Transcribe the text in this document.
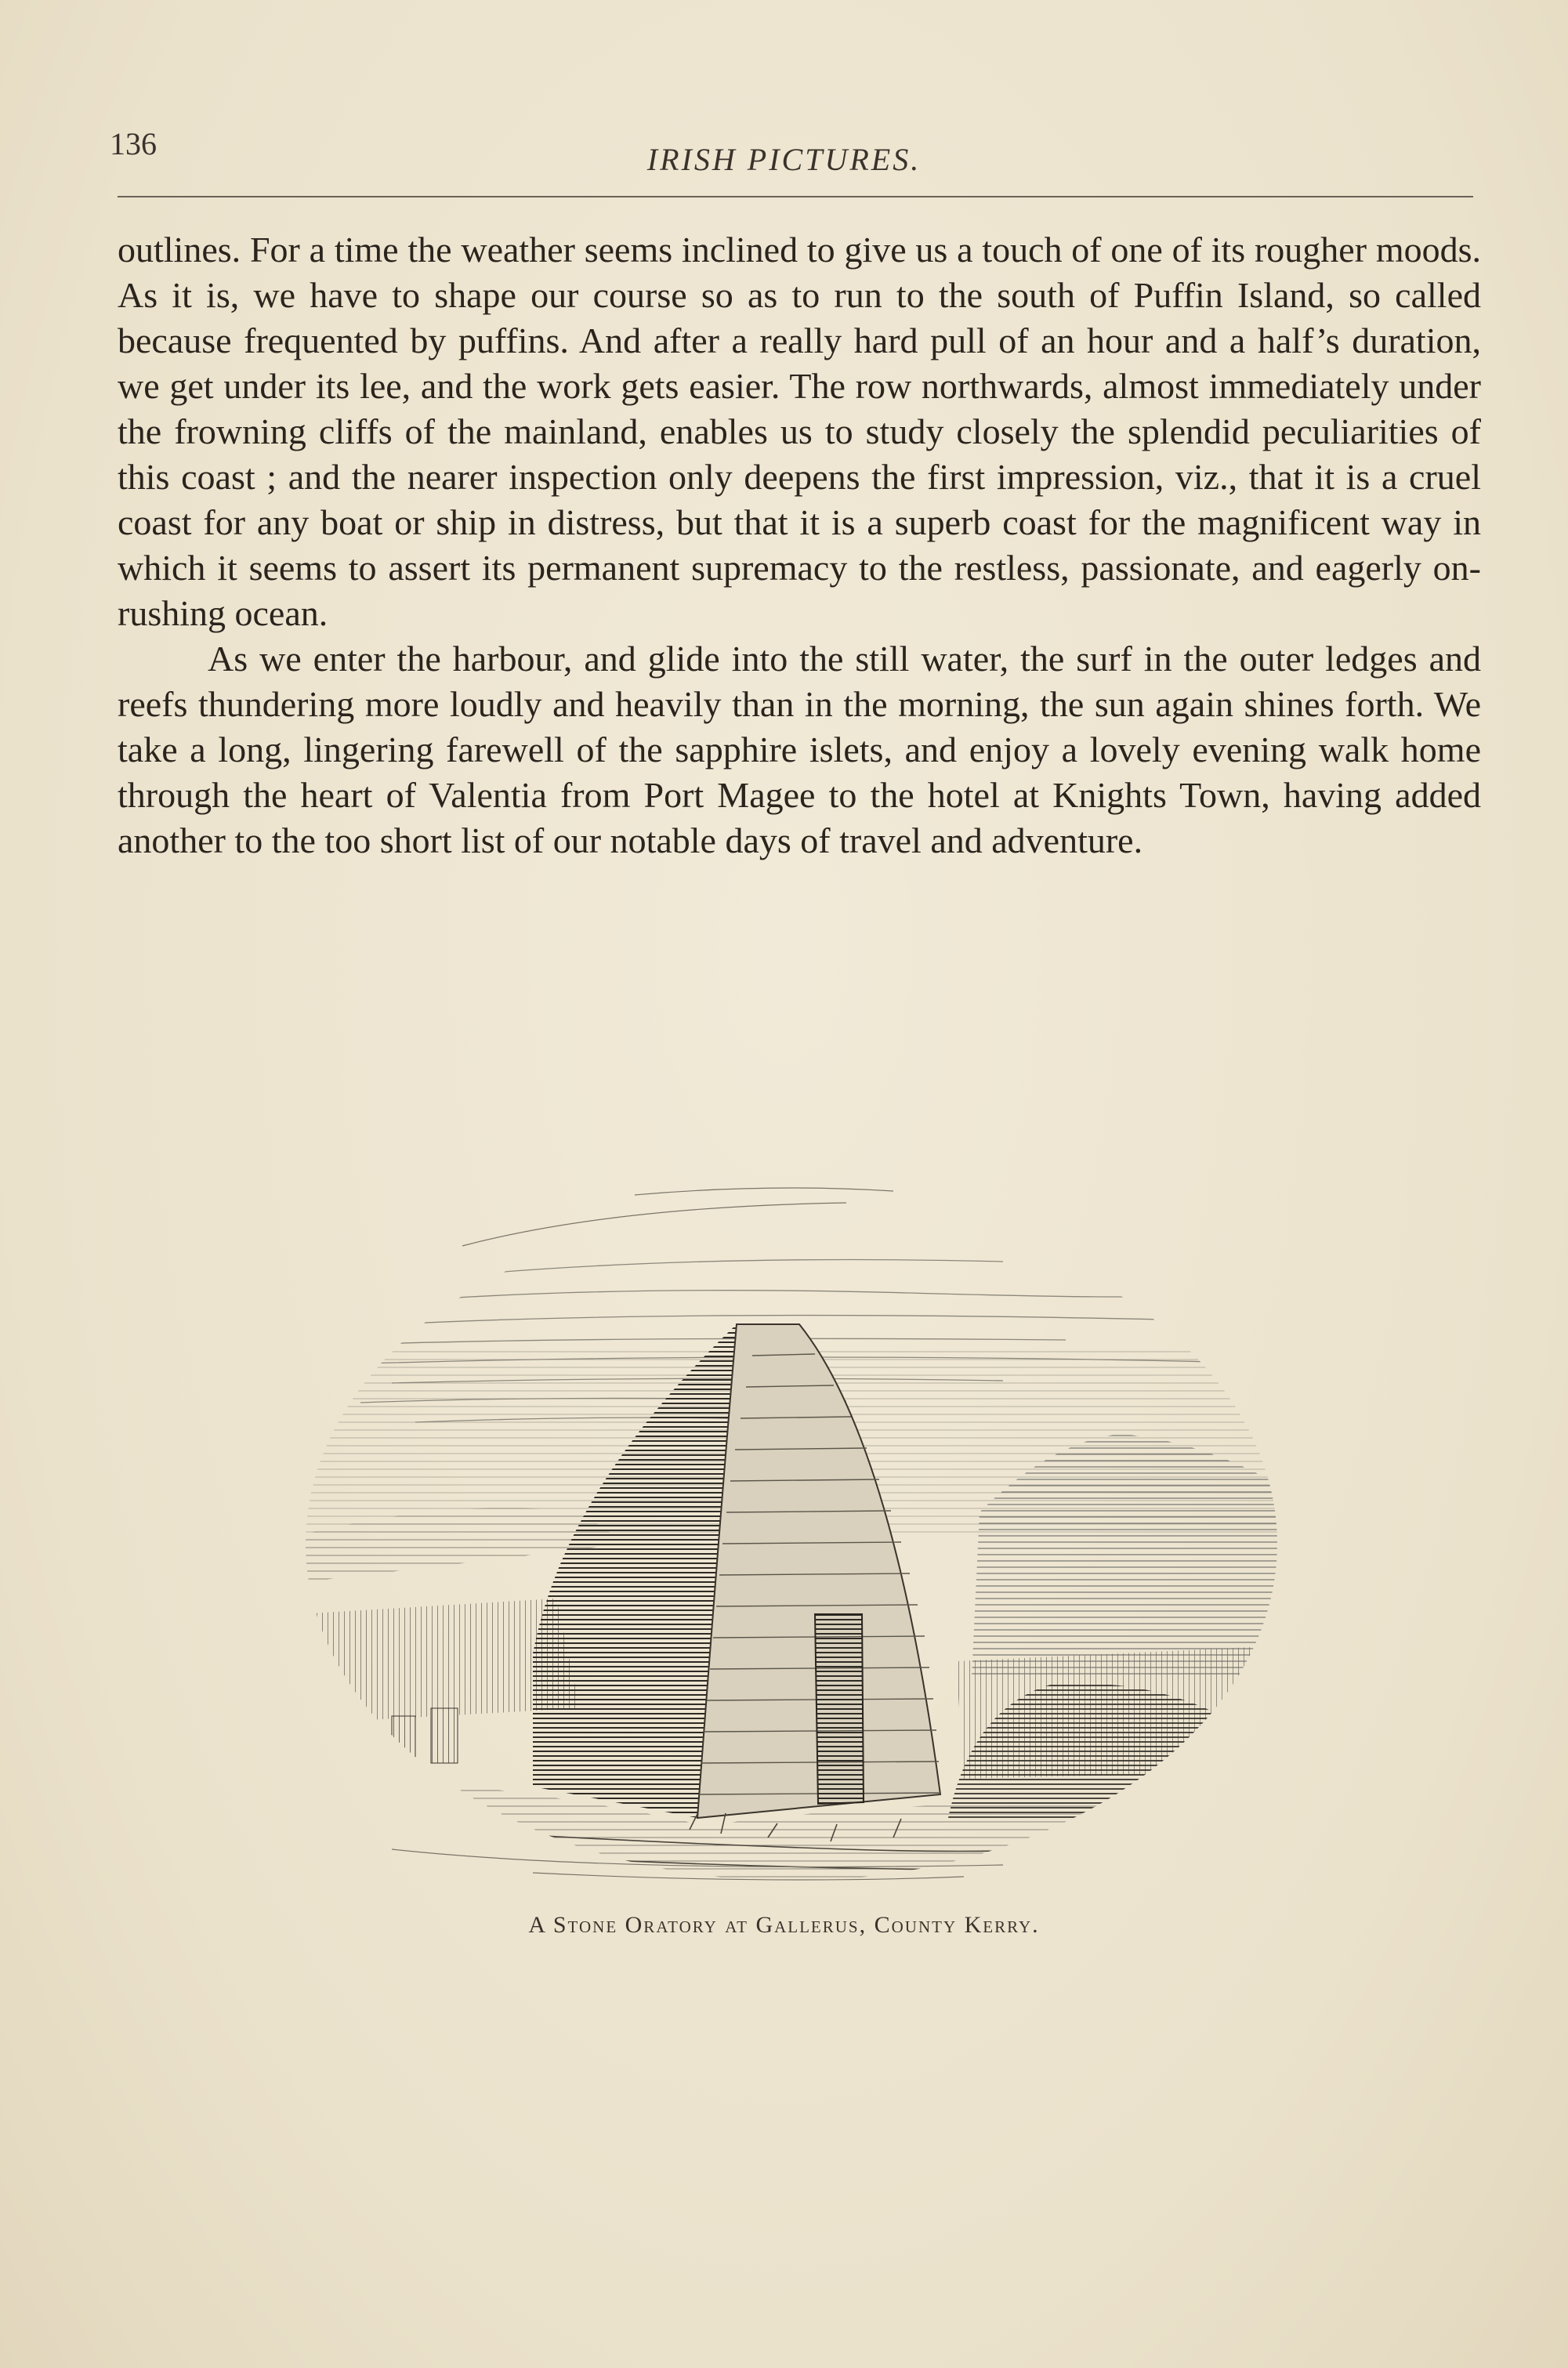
136	IRISH PICTURES.

outlines. For a time the weather seems inclined to give us a touch of one of its rougher moods. As it is, we have to shape our course so as to run to the south of Puffin Island, so called because frequented by puffins. And after a really hard pull of an hour and a half’s duration, we get under its lee, and the work gets easier. The row northwards, almost immediately under the frowning cliffs of the mainland, enables us to study closely the splendid peculiarities of this coast ; and the nearer inspection only deepens the first impression, viz., that it is a cruel coast for any boat or ship in distress, but that it is a superb coast for the magnificent way in which it seems to assert its permanent supremacy to the restless, passionate, and eagerly on-rushing ocean.

As we enter the harbour, and glide into the still water, the surf in the outer ledges and reefs thundering more loudly and heavily than in the morning, the sun again shines forth. We take a long, lingering farewell of the sapphire islets, and enjoy a lovely evening walk home through the heart of Valentia from Port Magee to the hotel at Knights Town, having added another to the too short list of our notable days of travel and adventure.

A Stone Oratory at Gallerus, County Kerry.
